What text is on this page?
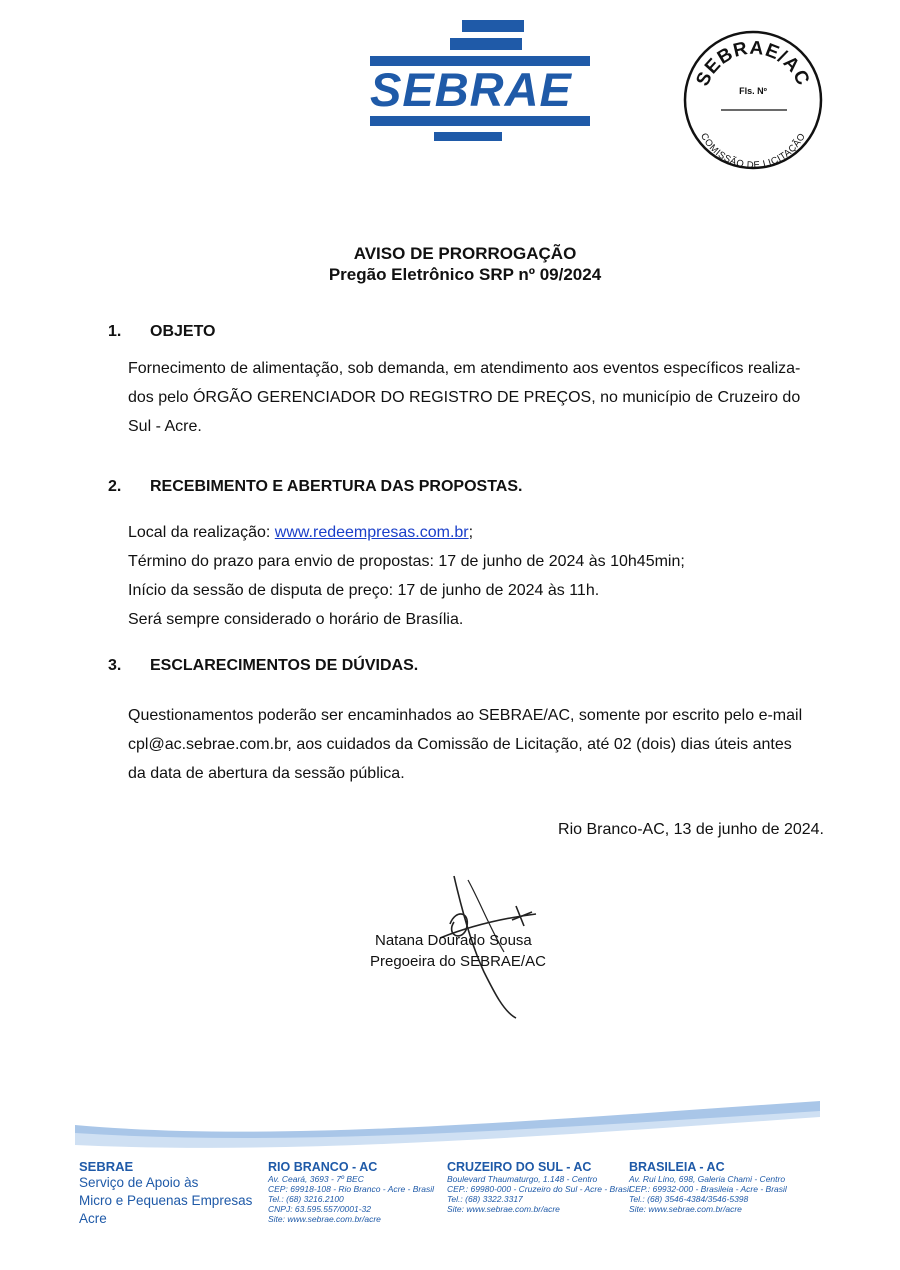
SEBRAE	SEBRAE/AC
Fls. Nº
COMISSÃO DE LICITAÇÃO
AVISO DE PRORROGAÇÃO
Pregão Eletrônico SRP nº 09/2024
1. OBJETO
Fornecimento de alimentação, sob demanda, em atendimento aos eventos específicos realiza-
dos pelo ÓRGÃO GERENCIADOR DO REGISTRO DE PREÇOS, no município de Cruzeiro do
Sul - Acre.
2. RECEBIMENTO E ABERTURA DAS PROPOSTAS.
Local da realização: www.redeempresas.com.br;
Término do prazo para envio de propostas: 17 de junho de 2024 às 10h45min;
Início da sessão de disputa de preço: 17 de junho de 2024 às 11h.
Será sempre considerado o horário de Brasília.
3. ESCLARECIMENTOS DE DÚVIDAS.
Questionamentos poderão ser encaminhados ao SEBRAE/AC, somente por escrito pelo e-mail
cpl@ac.sebrae.com.br, aos cuidados da Comissão de Licitação, até 02 (dois) dias úteis antes
da data de abertura da sessão pública.
Rio Branco-AC, 13 de junho de 2024.
Natana Dourado Sousa
Pregoeira do SEBRAE/AC
SEBRAE
Serviço de Apoio às
Micro e Pequenas Empresas
Acre
RIO BRANCO - AC
Av. Ceará, 3693 - 7º BEC
CEP: 69918-108 - Rio Branco - Acre - Brasil
Tel.: (68) 3216.2100
CNPJ: 63.595.557/0001-32
Site: www.sebrae.com.br/acre
CRUZEIRO DO SUL - AC
Boulevard Thaumaturgo, 1.148 - Centro
CEP.: 69980-000 - Cruzeiro do Sul - Acre - Brasil
Tel.: (68) 3322.3317
Site: www.sebrae.com.br/acre
BRASILEIA - AC
Av. Rui Lino, 698, Galeria Chami - Centro
CEP.: 69932-000 - Brasileia - Acre - Brasil
Tel.: (68) 3546-4384/3546-5398
Site: www.sebrae.com.br/acre
